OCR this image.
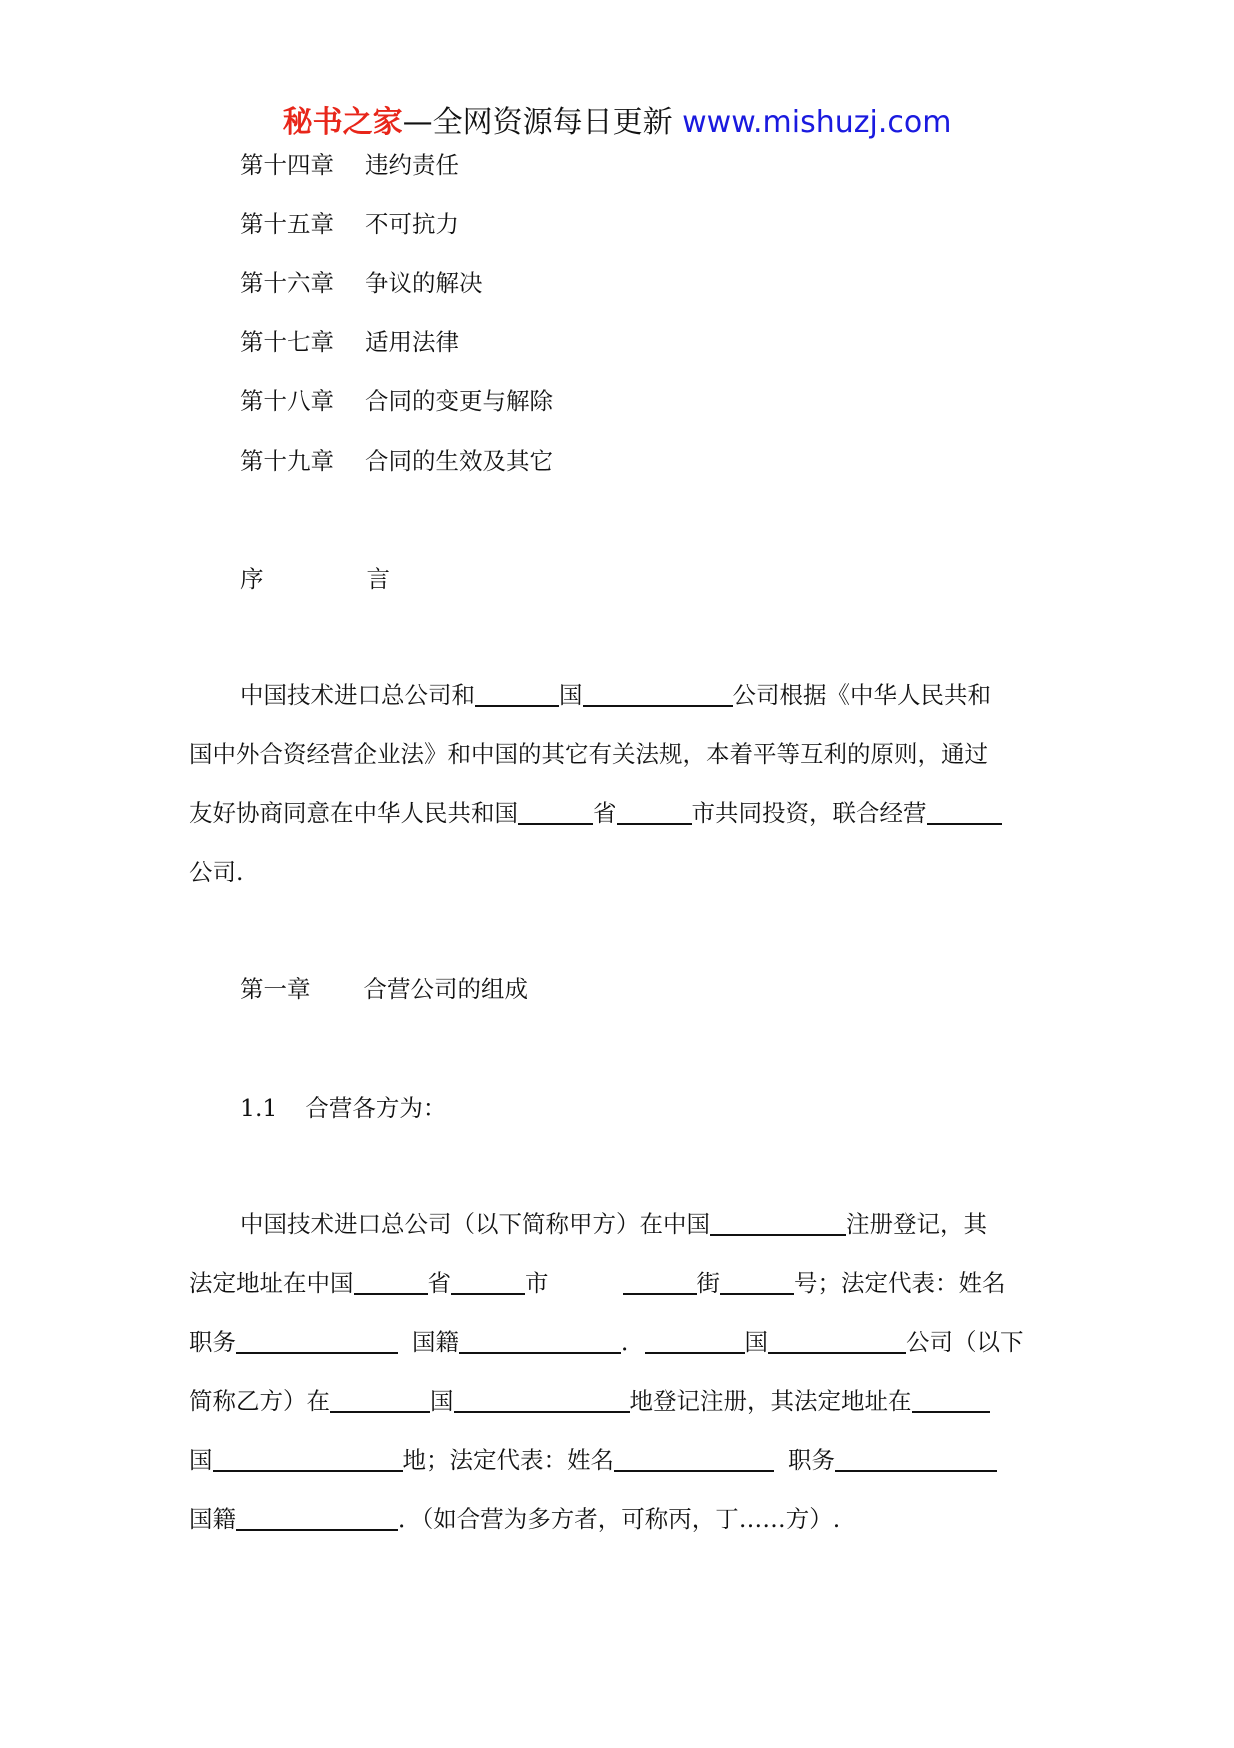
秘书之家—全网资源每日更新 www.mishuzj.com
第十四章 违约责任
第十五章 不可抗力
第十六章 争议的解决
第十七章 适用法律
第十八章 合同的变更与解除
第十九章 合同的生效及其它
序	言
中国技术进口总公司和	国	公司根据《中华人民共和
国中外合资经营企业法》和中国的其它有关法规，本着平等互利的原则，通过
友好协商同意在中华人民共和国	省	市共同投资，联合经营
公司.
第一章 合营公司的组成
1.1 合营各方为：
中国技术进口总公司（以下简称甲方）在中国	注册登记，其
法定地址在中国	省	市	街	号；法定代表：姓名
职务	国籍	．	国	公司（以下
简称乙方）在	国	地登记注册，其法定地址在
国	地；法定代表：姓名	职务
国籍	．（如合营为多方者，可称丙，丁……方）.
